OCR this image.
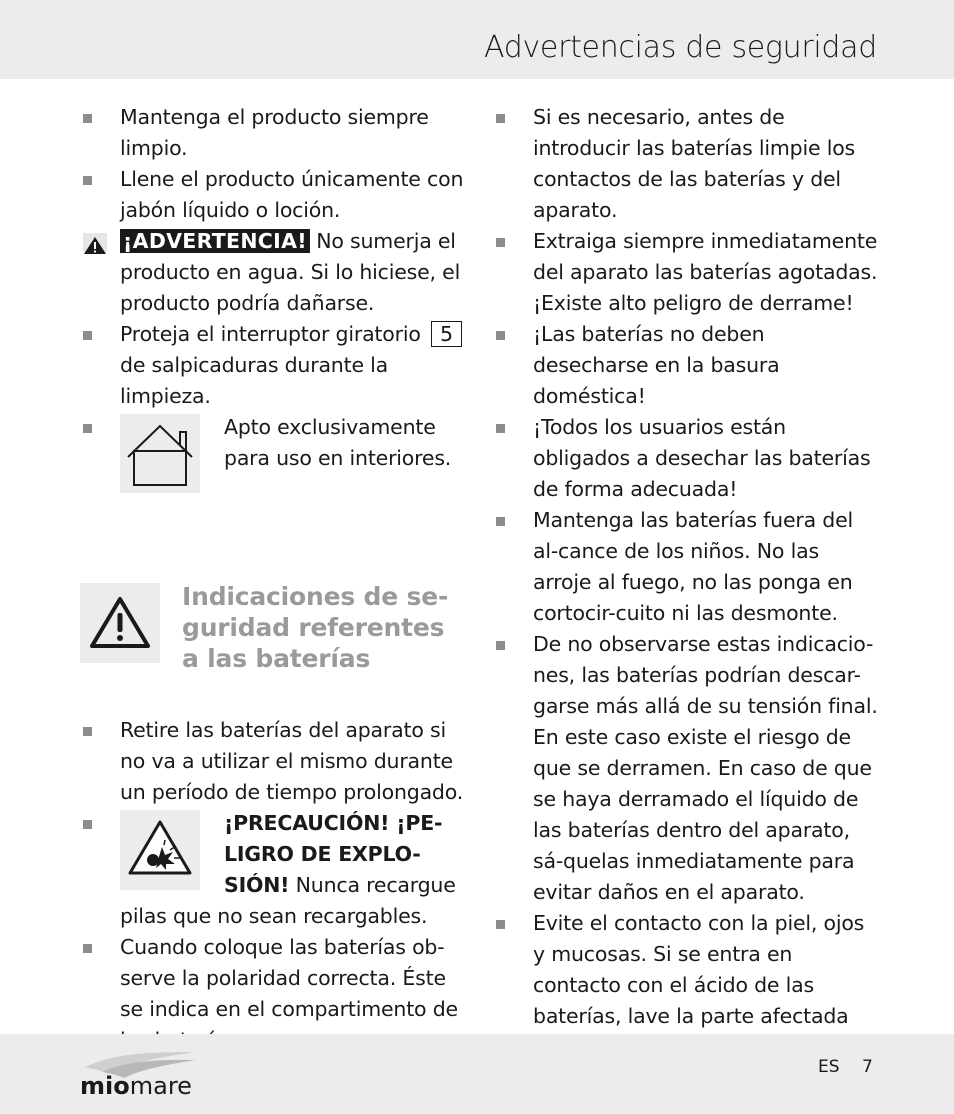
Advertencias de seguridad
Mantenga el producto siempre limpio.
Llene el producto únicamente con jabón líquido o loción.
¡ADVERTENCIA! No sumerja el producto en agua. Si lo hiciese, el producto podría dañarse.
Proteja el interruptor giratorio 5 de salpicaduras durante la limpieza.
Apto exclusivamente para uso en interiores.
Indicaciones de se-
guridad referentes
a las baterías
Retire las baterías del aparato si no va a utilizar el mismo durante un período de tiempo prolongado.
¡PRECAUCIÓN! ¡PE-
LIGRO DE EXPLO-
SIÓN! Nunca recargue pilas que no sean recargables.
Cuando coloque las baterías ob-serve la polaridad correcta. Éste se indica en el compartimento de
Si es necesario, antes de introducir las baterías limpie los contactos de las baterías y del aparato.
Extraiga siempre inmediatamente del aparato las baterías agotadas. ¡Existe alto peligro de derrame!
¡Las baterías no deben desecharse en la basura doméstica!
¡Todos los usuarios están obligados a desechar las baterías de forma adecuada!
Mantenga las baterías fuera del al-cance de los niños. No las arroje al fuego, no las ponga en cortocir-cuito ni las desmonte.
De no observarse estas indicacio-nes, las baterías podrían descar-garse más allá de su tensión final. En este caso existe el riesgo de que se derramen. En caso de que se haya derramado el líquido de las baterías dentro del aparato, sá-quelas inmediatamente para evitar daños en el aparato.
Evite el contacto con la piel, ojos y mucosas. Si se entra en contacto con el ácido de las baterías, lave la parte afectada
miomare
ES 7
